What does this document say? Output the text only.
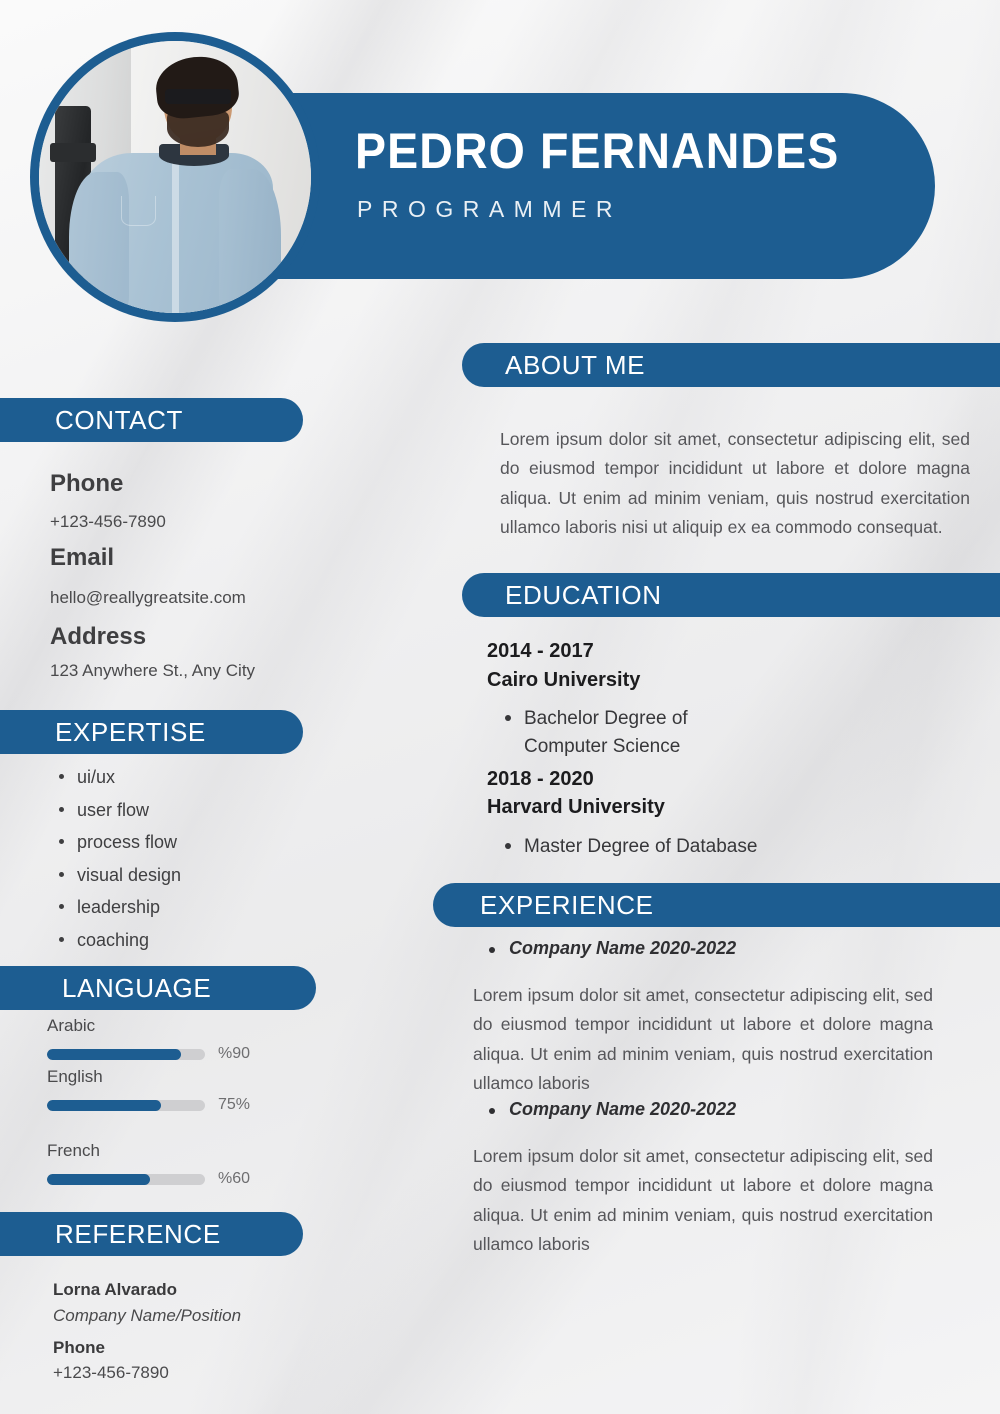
PEDRO FERNANDES
PROGRAMMER
CONTACT
Phone
+123-456-7890
Email
hello@reallygreatsite.com
Address
123 Anywhere St., Any City
EXPERTISE
ui/ux
user flow
process flow
visual design
leadership
coaching
LANGUAGE
Arabic
%90
English
75%
French
%60
REFERENCE
Lorna Alvarado
Company Name/Position
Phone
+123-456-7890
ABOUT ME
Lorem ipsum dolor sit amet, consectetur adipiscing elit, sed do eiusmod tempor incididunt ut labore et dolore magna aliqua. Ut enim ad minim veniam, quis nostrud exercitation ullamco laboris nisi ut aliquip ex ea commodo consequat.
EDUCATION
2014 - 2017
Cairo University
Bachelor Degree of Computer Science
2018 - 2020
Harvard University
Master Degree of Database
EXPERIENCE
Company Name 2020-2022
Lorem ipsum dolor sit amet, consectetur adipiscing elit, sed do eiusmod tempor incididunt ut labore et dolore magna aliqua. Ut enim ad minim veniam, quis nostrud exercitation ullamco laboris
Company Name 2020-2022
Lorem ipsum dolor sit amet, consectetur adipiscing elit, sed do eiusmod tempor incididunt ut labore et dolore magna aliqua. Ut enim ad minim veniam, quis nostrud exercitation ullamco laboris
